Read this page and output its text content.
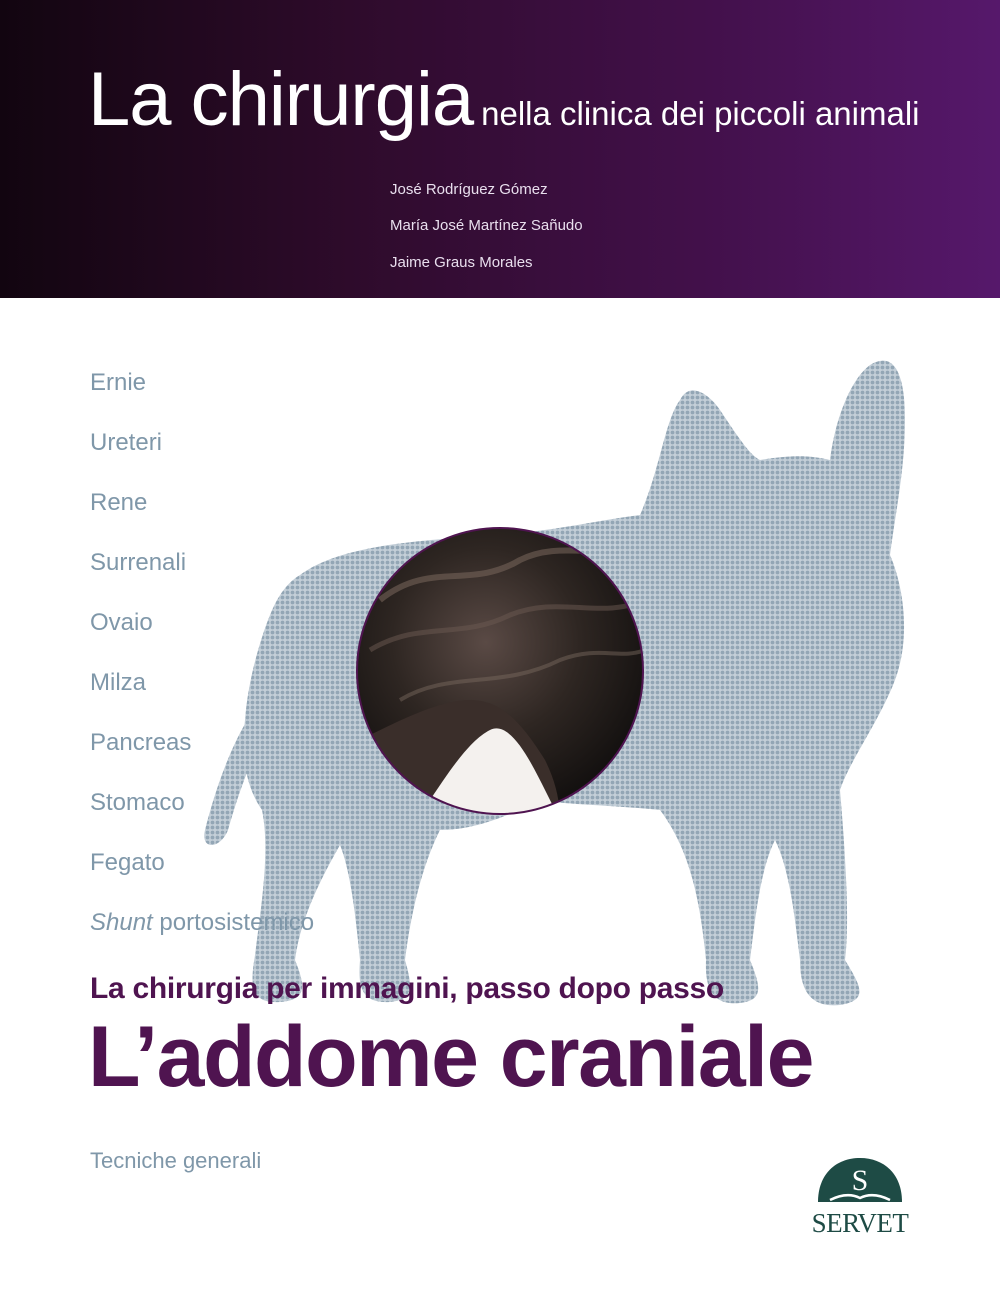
La chirurgia nella clinica dei piccoli animali
José Rodríguez Gómez
María José Martínez Sañudo
Jaime Graus Morales
Ernie
Ureteri
Rene
Surrenali
Ovaio
Milza
Pancreas
Stomaco
Fegato
Shunt portosistemico
La chirurgia per immagini, passo dopo passo
L’addome craniale
Tecniche generali
S
SERVET
